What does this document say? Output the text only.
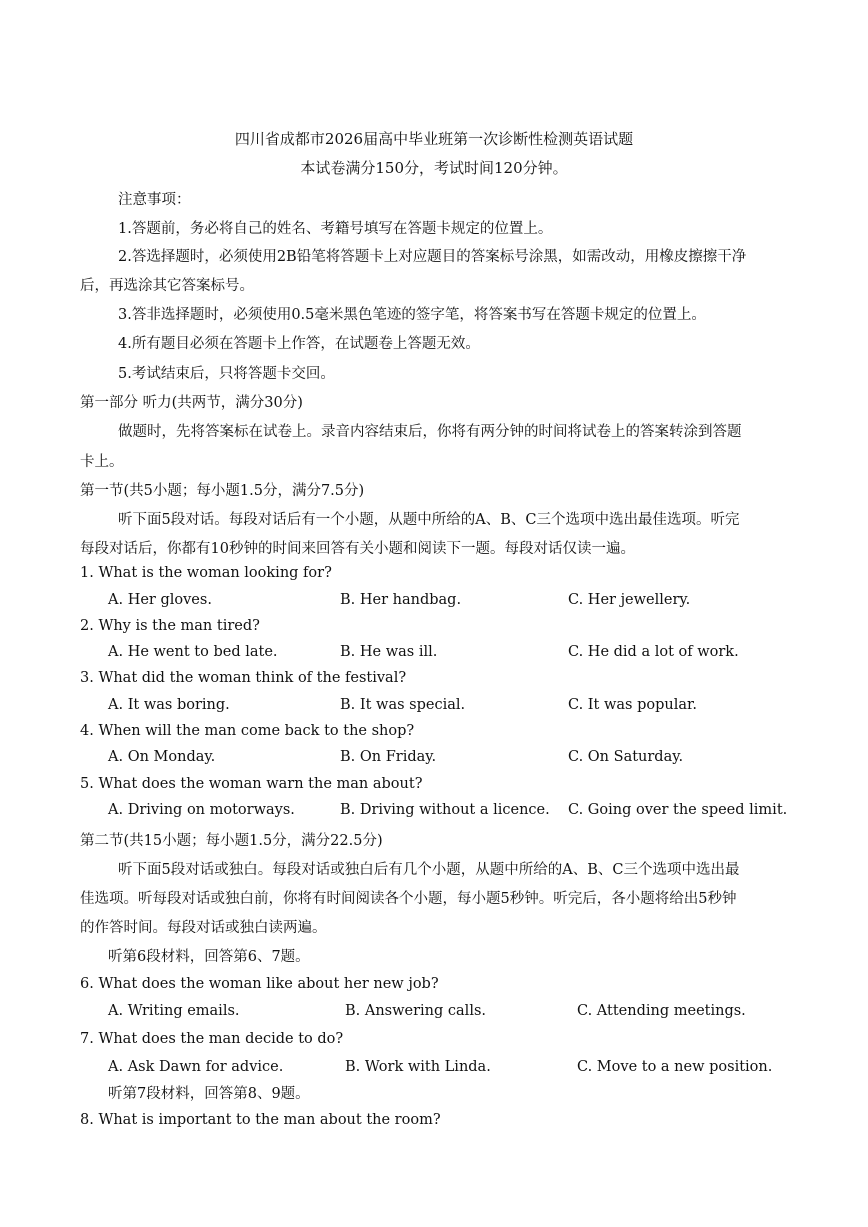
四川省成都市2026届高中毕业班第一次诊断性检测英语试题
本试卷满分150分，考试时间120分钟。
注意事项：
1.答题前，务必将自己的姓名、考籍号填写在答题卡规定的位置上。
2.答选择题时，必须使用2B铅笔将答题卡上对应题目的答案标号涂黑，如需改动，用橡皮擦擦干净
后，再选涂其它答案标号。
3.答非选择题时，必须使用0.5毫米黑色笔迹的签字笔，将答案书写在答题卡规定的位置上。
4.所有题目必须在答题卡上作答，在试题卷上答题无效。
5.考试结束后，只将答题卡交回。
第一部分 听力(共两节，满分30分)
做题时，先将答案标在试卷上。录音内容结束后，你将有两分钟的时间将试卷上的答案转涂到答题
卡上。
第一节(共5小题；每小题1.5分，满分7.5分)
听下面5段对话。每段对话后有一个小题，从题中所给的A、B、C三个选项中选出最佳选项。听完
每段对话后，你都有10秒钟的时间来回答有关小题和阅读下一题。每段对话仅读一遍。
1. What is the woman looking for?
A. Her gloves.	B. Her handbag.	C. Her jewellery.
2. Why is the man tired?
A. He went to bed late.	B. He was ill.	C. He did a lot of work.
3. What did the woman think of the festival?
A. It was boring.	B. It was special.	C. It was popular.
4. When will the man come back to the shop?
A. On Monday.	B. On Friday.	C. On Saturday.
5. What does the woman warn the man about?
A. Driving on motorways.	B. Driving without a licence. C. Going over the speed limit.
第二节(共15小题；每小题1.5分，满分22.5分)
听下面5段对话或独白。每段对话或独白后有几个小题，从题中所给的A、B、C三个选项中选出最
佳选项。听每段对话或独白前，你将有时间阅读各个小题，每小题5秒钟。听完后，各小题将给出5秒钟
的作答时间。每段对话或独白读两遍。
听第6段材料，回答第6、7题。
6. What does the woman like about her new job?
A. Writing emails.	B. Answering calls.	C. Attending meetings.
7. What does the man decide to do?
A. Ask Dawn for advice.	B. Work with Linda.	C. Move to a new position.
听第7段材料，回答第8、9题。
8. What is important to the man about the room?
